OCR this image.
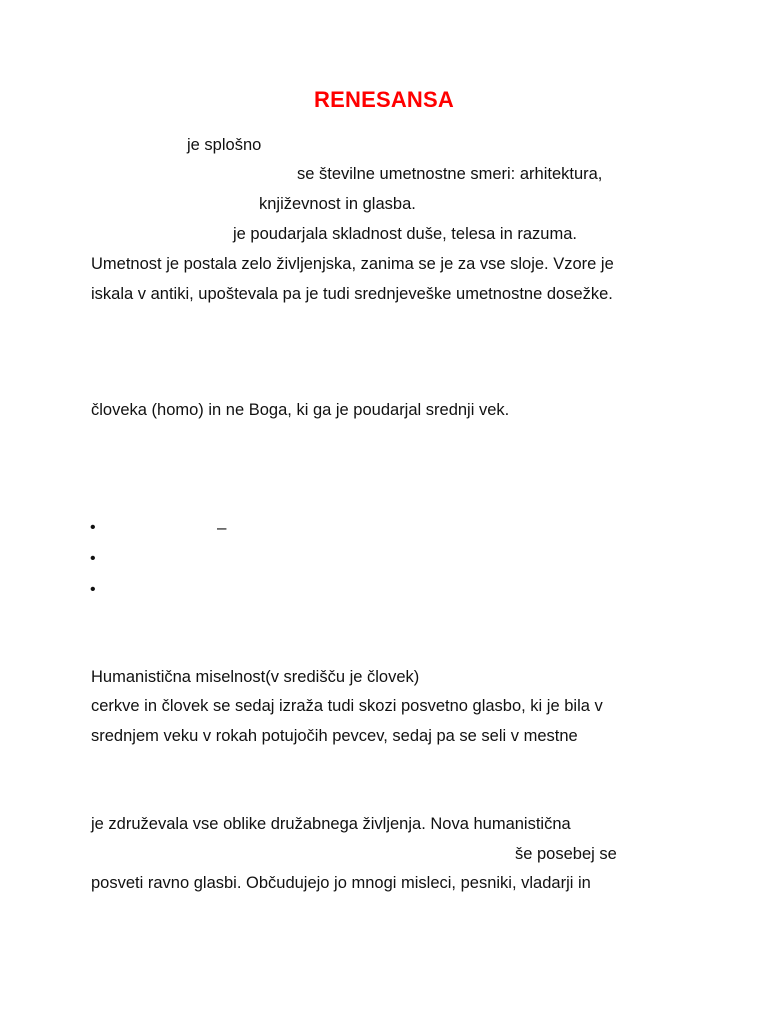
RENESANSA
je splošno
se številne umetnostne smeri: arhitektura,
književnost in glasba.
je poudarjala skladnost duše, telesa in razuma.
Umetnost je postala zelo življenjska, zanima se je za vse sloje. Vzore je
iskala v antiki, upoštevala pa je tudi srednjeveške umetnostne dosežke.
človeka (homo) in ne Boga, ki ga je poudarjal srednji vek.
•	–
•
•
Humanistična miselnost(v središču je človek)
cerkve in človek se sedaj izraža tudi skozi posvetno glasbo, ki je bila v
srednjem veku v rokah potujočih pevcev, sedaj pa se seli v mestne
je združevala vse oblike družabnega življenja. Nova humanistična
še posebej se
posveti ravno glasbi. Občudujejo jo mnogi misleci, pesniki, vladarji in
